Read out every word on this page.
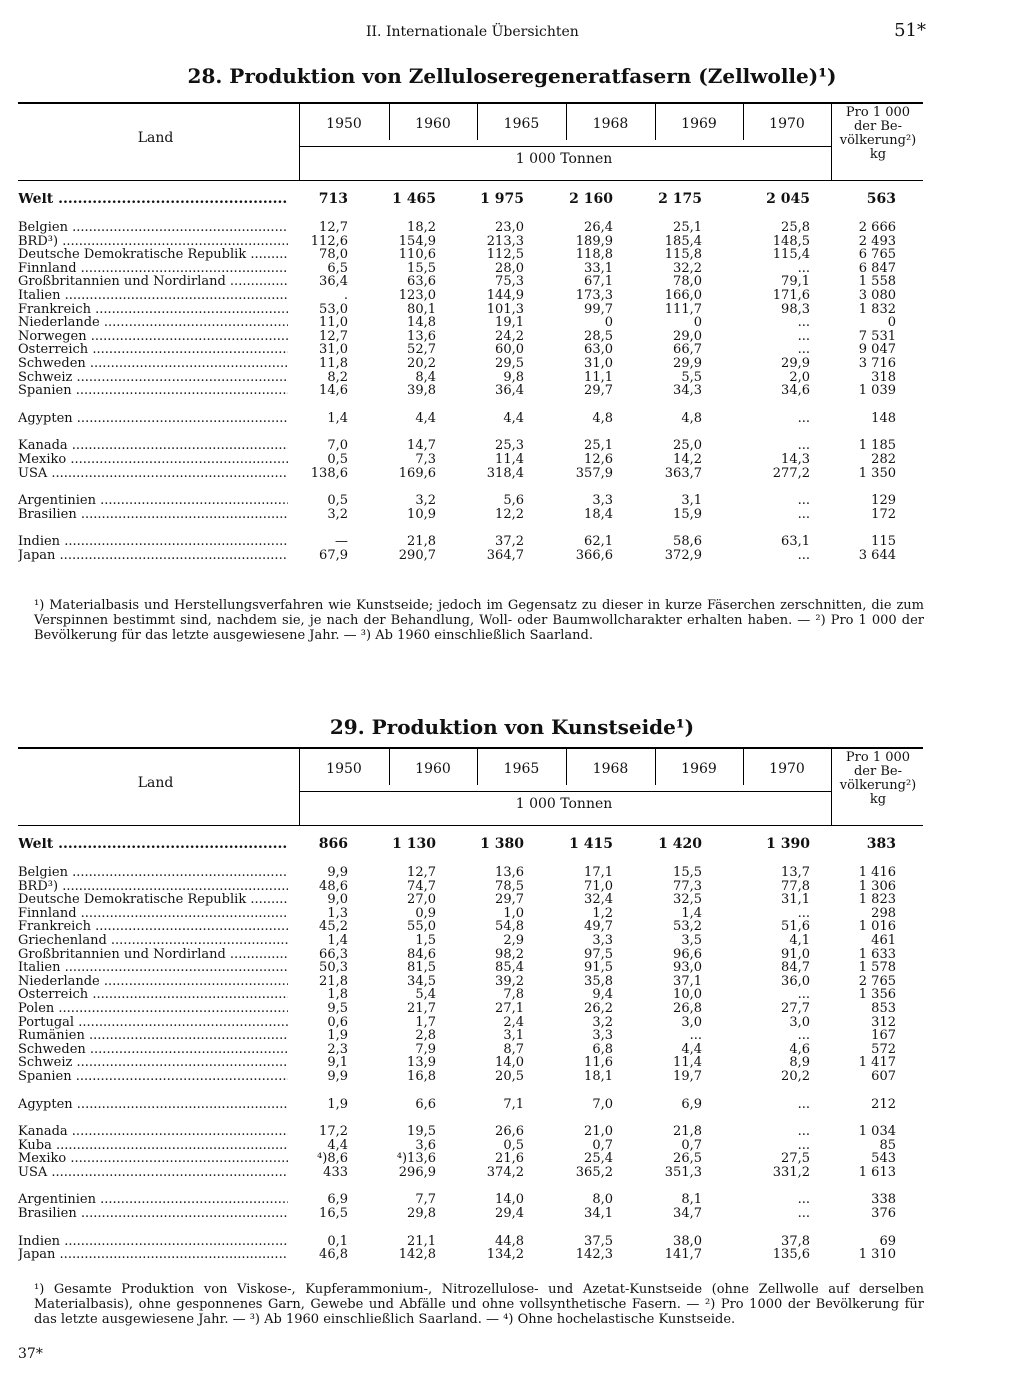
II. Internationale Übersichten	51*
28. Produktion von Zelluloseregeneratfasern (Zellwolle)¹)
Land
1950	1960	1965	1968	1969	1970
1 000 Tonnen
Pro 1 000
der Be-
völkerung²)
kg
Welt .....	713	1 465	1 975	2 160	2 175	2 045	563
Belgien .....	12,7	18,2	23,0	26,4	25,1	25,8	2 666
BRD³) .....	112,6	154,9	213,3	189,9	185,4	148,5	2 493
Deutsche Demokratische Republik .....	78,0	110,6	112,5	118,8	115,8	115,4	6 765
Finnland .....	6,5	15,5	28,0	33,1	32,2	...	6 847
Großbritannien und Nordirland .....	36,4	63,6	75,3	67,1	78,0	79,1	1 558
Italien .....	.	123,0	144,9	173,3	166,0	171,6	3 080
Frankreich .....	53,0	80,1	101,3	99,7	111,7	98,3	1 832
Niederlande .....	11,0	14,8	19,1	0	0	...	0
Norwegen .....	12,7	13,6	24,2	28,5	29,0	...	7 531
Österreich .....	31,0	52,7	60,0	63,0	66,7	...	9 047
Schweden .....	11,8	20,2	29,5	31,0	29,9	29,9	3 716
Schweiz .....	8,2	8,4	9,8	11,1	5,5	2,0	318
Spanien .....	14,6	39,8	36,4	29,7	34,3	34,6	1 039
Ägypten .....	1,4	4,4	4,4	4,8	4,8	...	148
Kanada .....	7,0	14,7	25,3	25,1	25,0	...	1 185
Mexiko .....	0,5	7,3	11,4	12,6	14,2	14,3	282
USA .....	138,6	169,6	318,4	357,9	363,7	277,2	1 350
Argentinien .....	0,5	3,2	5,6	3,3	3,1	...	129
Brasilien .....	3,2	10,9	12,2	18,4	15,9	...	172
Indien .....	—	21,8	37,2	62,1	58,6	63,1	115
Japan .....	67,9	290,7	364,7	366,6	372,9	...	3 644
¹) Materialbasis und Herstellungsverfahren wie Kunstseide; jedoch im Gegensatz zu dieser in kurze Fäserchen zerschnitten, die zum Verspinnen bestimmt sind, nachdem sie, je nach der Behandlung, Woll- oder Baumwollcharakter erhalten haben. — ²) Pro 1 000 der Bevölkerung für das letzte ausgewiesene Jahr. — ³) Ab 1960 einschließlich Saarland.
29. Produktion von Kunstseide¹)
Land
1950	1960	1965	1968	1969	1970
1 000 Tonnen
Pro 1 000
der Be-
völkerung²)
kg
Welt .....	866	1 130	1 380	1 415	1 420	1 390	383
Belgien .....	9,9	12,7	13,6	17,1	15,5	13,7	1 416
BRD³) .....	48,6	74,7	78,5	71,0	77,3	77,8	1 306
Deutsche Demokratische Republik .....	9,0	27,0	29,7	32,4	32,5	31,1	1 823
Finnland .....	1,3	0,9	1,0	1,2	1,4	...	298
Frankreich .....	45,2	55,0	54,8	49,7	53,2	51,6	1 016
Griechenland .....	1,4	1,5	2,9	3,3	3,5	4,1	461
Großbritannien und Nordirland .....	66,3	84,6	98,2	97,5	96,6	91,0	1 633
Italien .....	50,3	81,5	85,4	91,5	93,0	84,7	1 578
Niederlande .....	21,8	34,5	39,2	35,8	37,1	36,0	2 765
Österreich .....	1,8	5,4	7,8	9,4	10,0	...	1 356
Polen .....	9,5	21,7	27,1	26,2	26,8	27,7	853
Portugal .....	0,6	1,7	2,4	3,2	3,0	3,0	312
Rumänien .....	1,9	2,8	3,1	3,3	...	...	167
Schweden .....	2,3	7,9	8,7	6,8	4,4	4,6	572
Schweiz .....	9,1	13,9	14,0	11,6	11,4	8,9	1 417
Spanien .....	9,9	16,8	20,5	18,1	19,7	20,2	607
Ägypten .....	1,9	6,6	7,1	7,0	6,9	...	212
Kanada .....	17,2	19,5	26,6	21,0	21,8	...	1 034
Kuba .....	4,4	3,6	0,5	0,7	0,7	...	85
Mexiko .....	⁴)8,6	⁴)13,6	21,6	25,4	26,5	27,5	543
USA .....	433	296,9	374,2	365,2	351,3	331,2	1 613
Argentinien .....	6,9	7,7	14,0	8,0	8,1	...	338
Brasilien .....	16,5	29,8	29,4	34,1	34,7	...	376
Indien .....	0,1	21,1	44,8	37,5	38,0	37,8	69
Japan .....	46,8	142,8	134,2	142,3	141,7	135,6	1 310
¹) Gesamte Produktion von Viskose-, Kupferammonium-, Nitrozellulose- und Azetat-Kunstseide (ohne Zellwolle auf derselben Materialbasis), ohne gesponnenes Garn, Gewebe und Abfälle und ohne vollsynthetische Fasern. — ²) Pro 1000 der Bevölkerung für das letzte ausgewiesene Jahr. — ³) Ab 1960 einschließlich Saarland. — ⁴) Ohne hochelastische Kunstseide.
37*
